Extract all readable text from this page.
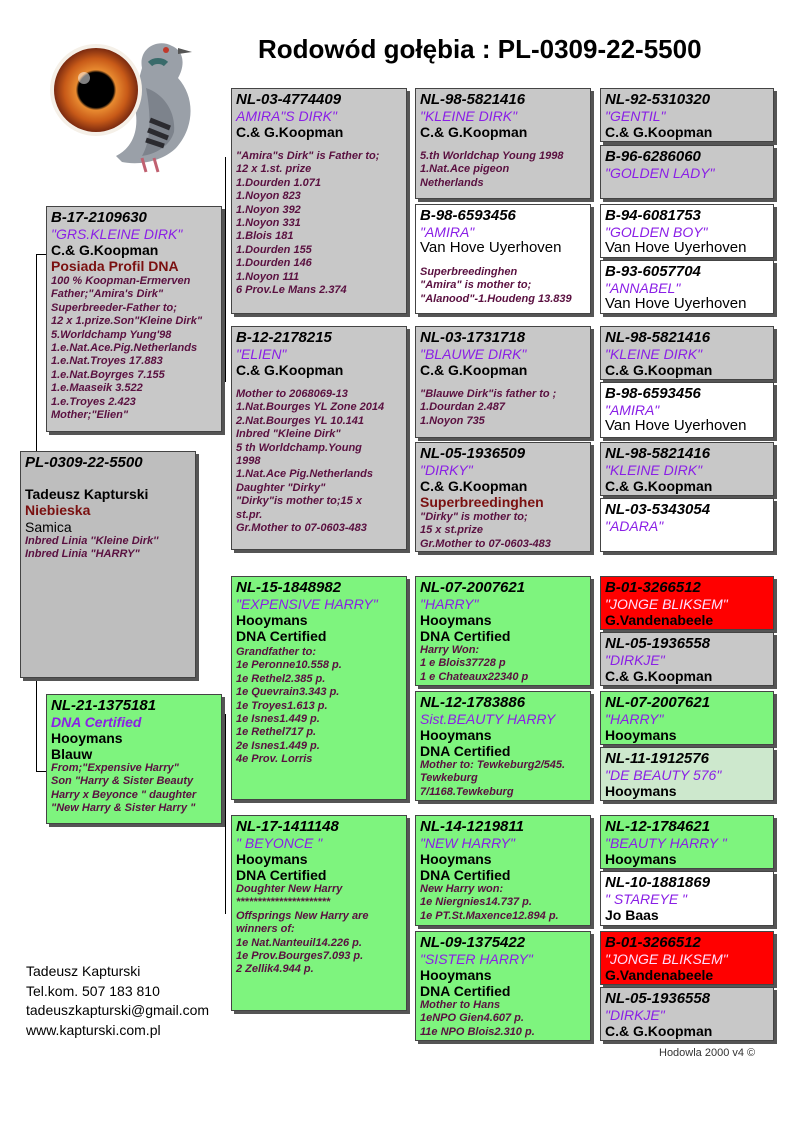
Rodowód gołębia : PL-0309-22-5500
PL-0309-22-5500
Tadeusz Kapturski
Niebieska
Samica
Inbred Linia ''Kleine Dirk''
Inbred Linia "HARRY"
B-17-2109630
"GRS.KLEINE DIRK"
C.& G.Koopman
Posiada Profil DNA
100 % Koopman-Ermerven
Father;"Amira's Dirk"
Superbreeder-Father to;
12 x 1.prize.Son"Kleine Dirk"
5.Worldchamp Yung'98
1.e.Nat.Ace.Pig.Netherlands
1.e.Nat.Troyes 17.883
1.e.Nat.Boyrges 7.155
1.e.Maaseik 3.522
1.e.Troyes 2.423
Mother;"Elien"
NL-21-1375181
DNA Certified
Hooymans
Blauw
From;"Expensive Harry"
Son "Harry & Sister Beauty
Harry x Beyonce " daughter
"New Harry & Sister Harry "
NL-03-4774409
AMIRA"S DIRK"
C.& G.Koopman
"Amira"s Dirk" is Father to;
12 x 1.st. prize
1.Dourden 1.071
1.Noyon 823
1.Noyon 392
1.Noyon 331
1.Blois 181
1.Dourden 155
1.Dourden 146
1.Noyon 111
6 Prov.Le Mans 2.374
B-12-2178215
"ELIEN"
C.& G.Koopman
Mother to 2068069-13
1.Nat.Bourges YL Zone 2014
2.Nat.Bourges YL 10.141
Inbred "Kleine Dirk"
5 th Worldchamp.Young
1998
1.Nat.Ace Pig.Netherlands
Daughter "Dirky"
"Dirky"is mother to;15 x
st.pr.
Gr.Mother to 07-0603-483
NL-15-1848982
"EXPENSIVE HARRY"
Hooymans
DNA Certified
Grandfather to:
1e Peronne10.558 p.
1e Rethel2.385 p.
1e Quevrain3.343 p.
1e Troyes1.613 p.
1e Isnes1.449 p.
1e Rethel717 p.
2e Isnes1.449 p.
4e Prov. Lorris
NL-17-1411148
" BEYONCE "
Hooymans
DNA Certified
Doughter New Harry
**********************
Offsprings New Harry are
winners of:
1e Nat.Nanteuil14.226 p.
1e Prov.Bourges7.093 p.
2 Zellik4.944 p.
NL-98-5821416
"KLEINE DIRK"
C.& G.Koopman
5.th Worldchap Young 1998
1.Nat.Ace pigeon
Netherlands
B-98-6593456
"AMIRA"
Van Hove Uyerhoven
Superbreedinghen
"Amira" is mother to;
"Alanood"-1.Houdeng 13.839
NL-03-1731718
"BLAUWE DIRK"
C.& G.Koopman
"Blauwe Dirk"is father to ;
1.Dourdan 2.487
1.Noyon 735
NL-05-1936509
"DIRKY"
C.& G.Koopman
Superbreedinghen
"Dirky" is mother to;
15 x st.prize
Gr.Mother to 07-0603-483
NL-07-2007621
"HARRY"
Hooymans
DNA Certified
Harry Won:
1 e Blois37728 p
1 e Chateaux22340 p
NL-12-1783886
Sist.BEAUTY HARRY
Hooymans
DNA Certified
Mother to: Tewkeburg2/545.
Tewkeburg
7/1168.Tewkeburg
NL-14-1219811
"NEW HARRY"
Hooymans
DNA Certified
New Harry won:
1e Niergnies14.737 p.
1e PT.St.Maxence12.894 p.
NL-09-1375422
"SISTER HARRY"
Hooymans
DNA Certified
Mother to Hans
1eNPO Gien4.607 p.
11e NPO Blois2.310 p.
NL-92-5310320
"GENTIL"
C.& G.Koopman
B-96-6286060
"GOLDEN LADY"
B-94-6081753
"GOLDEN BOY"
Van Hove Uyerhoven
B-93-6057704
"ANNABEL"
Van Hove Uyerhoven
NL-98-5821416
"KLEINE DIRK"
C.& G.Koopman
B-98-6593456
"AMIRA"
Van Hove Uyerhoven
NL-98-5821416
"KLEINE DIRK"
C.& G.Koopman
NL-03-5343054
"ADARA"
B-01-3266512
"JONGE BLIKSEM"
G.Vandenabeele
NL-05-1936558
"DIRKJE"
C.& G.Koopman
NL-07-2007621
"HARRY"
Hooymans
NL-11-1912576
"DE BEAUTY 576"
Hooymans
NL-12-1784621
"BEAUTY HARRY "
Hooymans
NL-10-1881869
" STAREYE "
Jo Baas
B-01-3266512
"JONGE BLIKSEM"
G.Vandenabeele
NL-05-1936558
"DIRKJE"
C.& G.Koopman
Tadeusz Kapturski
Tel.kom. 507 183 810
tadeuszkapturski@gmail.com
www.kapturski.com.pl
Hodowla 2000 v4 ©
